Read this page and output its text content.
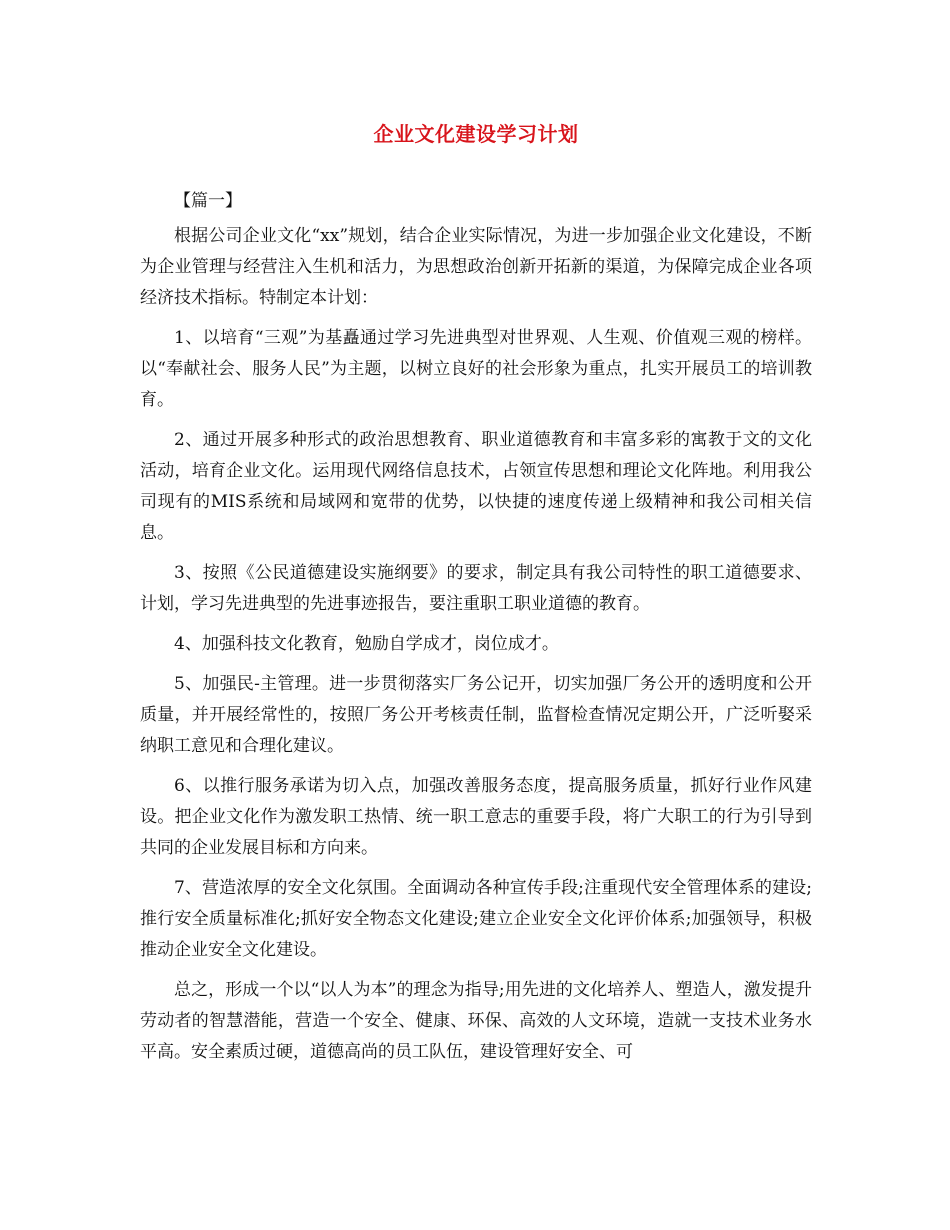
企业文化建设学习计划
【篇一】

根据公司企业文化“xx”规划，结合企业实际情况，为进一步加强企业文化建设，不断为企业管理与经营注入生机和活力，为思想政治创新开拓新的渠道，为保障完成企业各项经济技术指标。特制定本计划：

1、以培育“三观”为基矗通过学习先进典型对世界观、人生观、价值观三观的榜样。以“奉献社会、服务人民”为主题，以树立良好的社会形象为重点，扎实开展员工的培训教育。

2、通过开展多种形式的政治思想教育、职业道德教育和丰富多彩的寓教于文的文化活动，培育企业文化。运用现代网络信息技术，占领宣传思想和理论文化阵地。利用我公司现有的MIS系统和局域网和宽带的优势，以快捷的速度传递上级精神和我公司相关信息。

3、按照《公民道德建设实施纲要》的要求，制定具有我公司特性的职工道德要求、计划，学习先进典型的先进事迹报告，要注重职工职业道德的教育。

4、加强科技文化教育，勉励自学成才，岗位成才。

5、加强民-主管理。进一步贯彻落实厂务公记开，切实加强厂务公开的透明度和公开质量，并开展经常性的，按照厂务公开考核责任制，监督检查情况定期公开，广泛听娶采纳职工意见和合理化建议。

6、以推行服务承诺为切入点，加强改善服务态度，提高服务质量，抓好行业作风建设。把企业文化作为激发职工热情、统一职工意志的重要手段，将广大职工的行为引导到共同的企业发展目标和方向来。

7、营造浓厚的安全文化氛围。全面调动各种宣传手段;注重现代安全管理体系的建设;推行安全质量标准化;抓好安全物态文化建设;建立企业安全文化评价体系;加强领导，积极推动企业安全文化建设。

总之，形成一个以“以人为本”的理念为指导;用先进的文化培养人、塑造人，激发提升劳动者的智慧潜能，营造一个安全、健康、环保、高效的人文环境，造就一支技术业务水平高。安全素质过硬，道德高尚的员工队伍，建设管理好安全、可
